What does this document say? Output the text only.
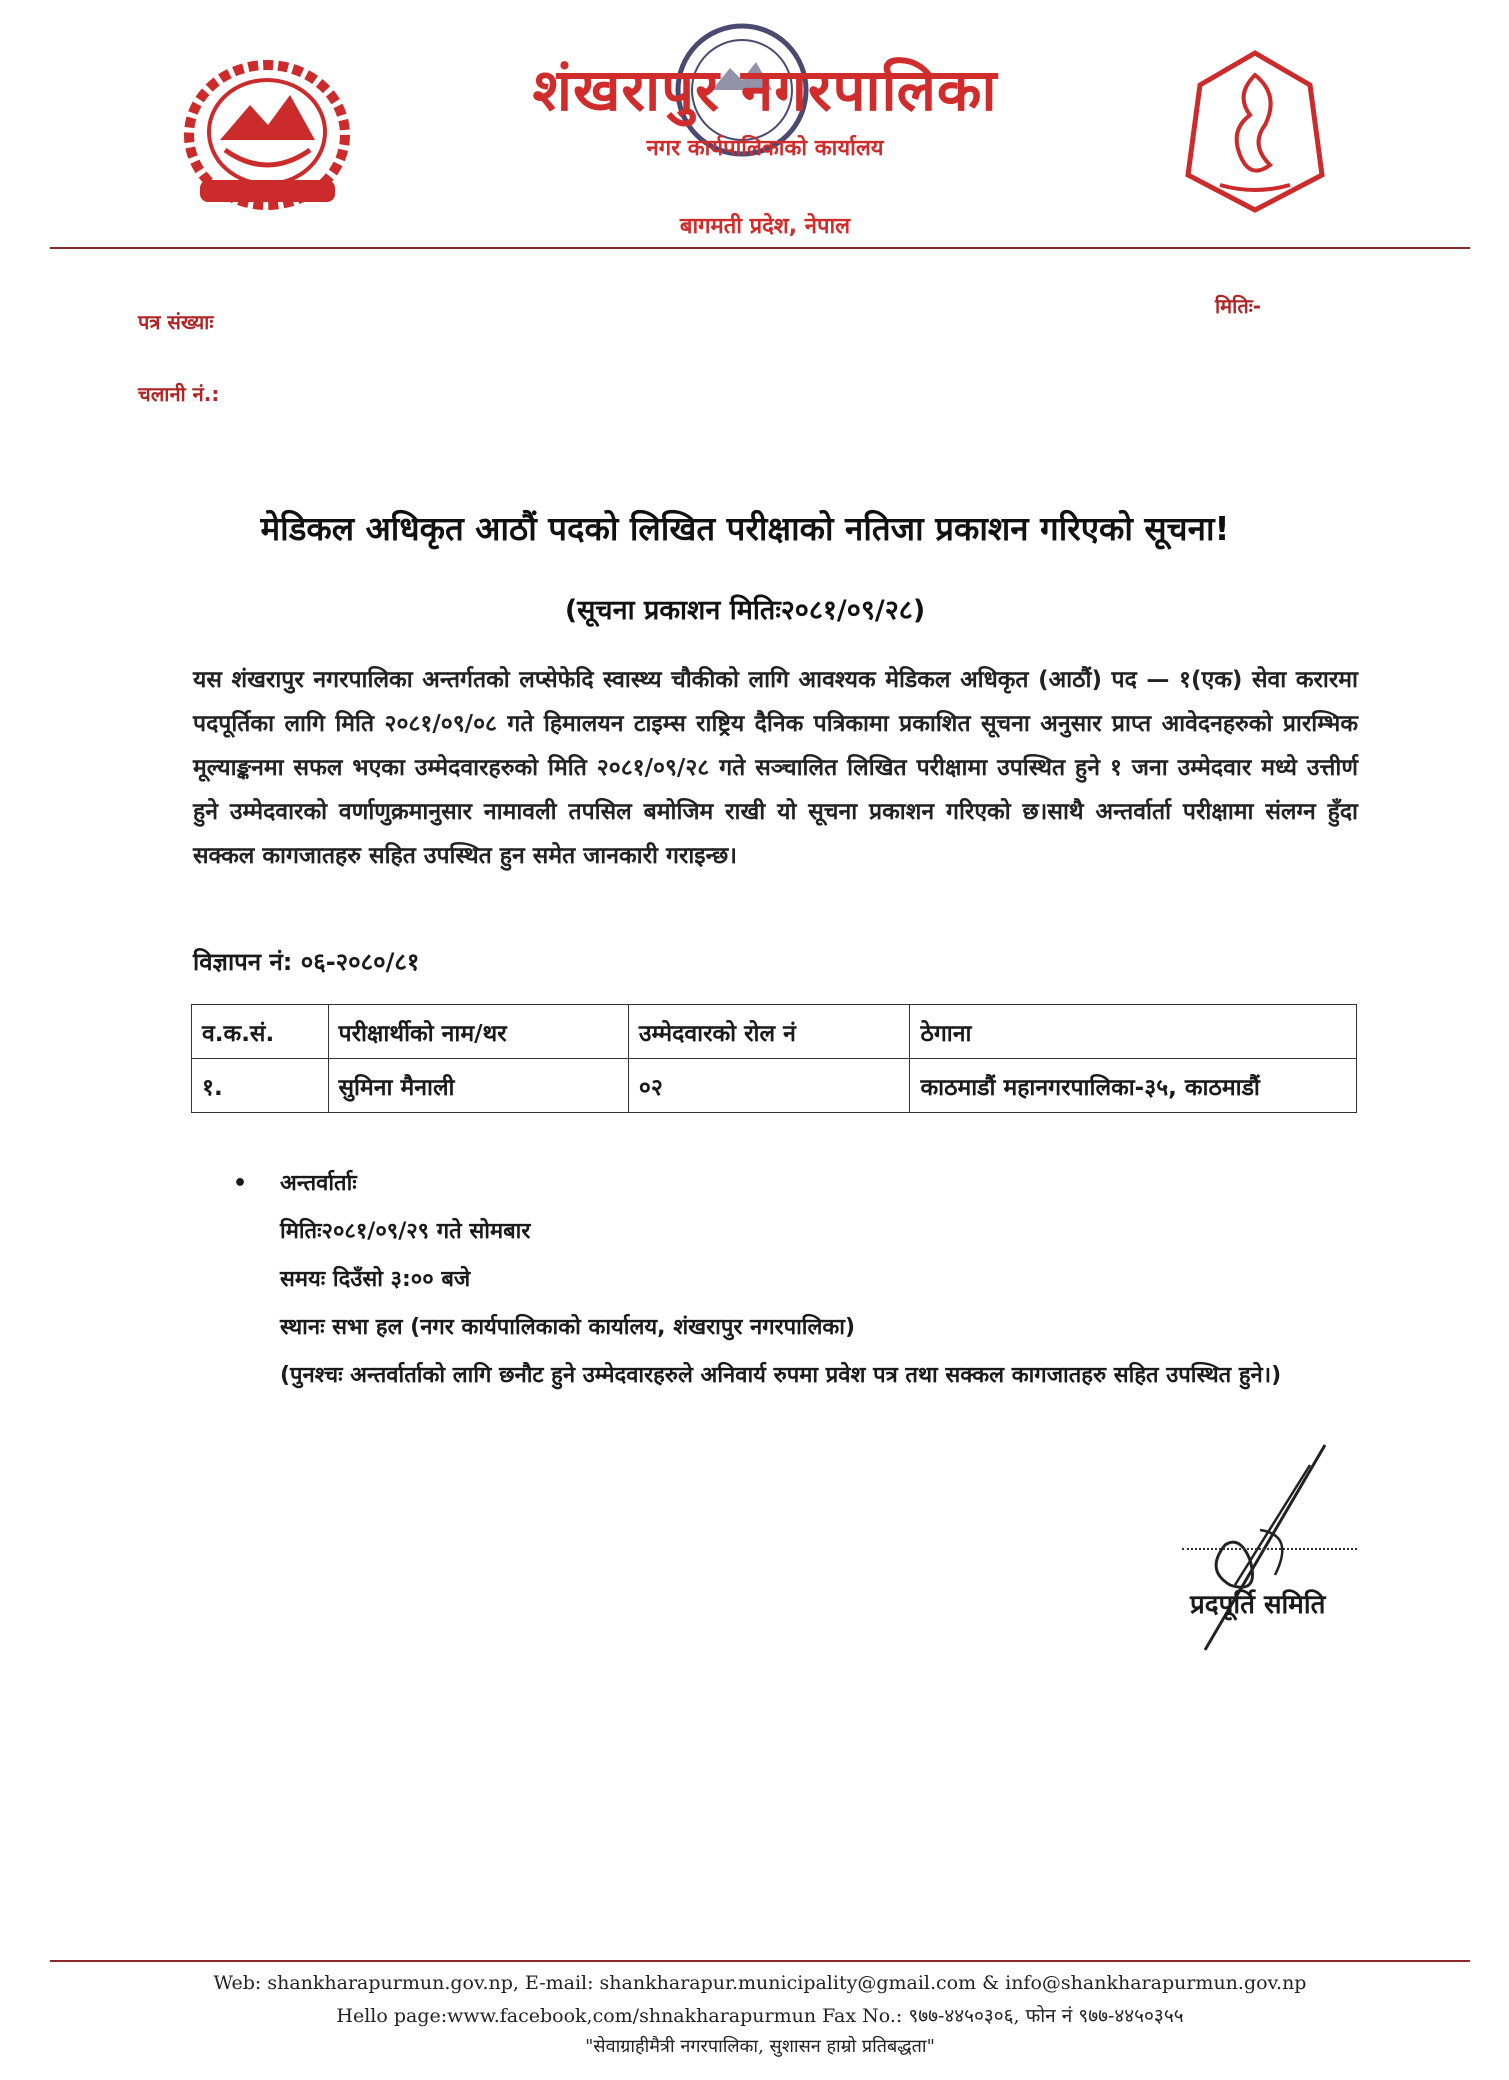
शंखरापुर नगरपालिका
नगर कार्यपालिकाको कार्यालय
बागमती प्रदेश, नेपाल
पत्र संख्याः
चलानी नं.:
मितिः-
मेडिकल अधिकृत आठौं पदको लिखित परीक्षाको नतिजा प्रकाशन गरिएको सूचना!
(सूचना प्रकाशन मितिः२०८१/०९/२८)
यस शंखरापुर नगरपालिका अन्तर्गतको लप्सेफेदि स्वास्थ्य चौकीको लागि आवश्यक मेडिकल अधिकृत (आठौं) पद — १(एक) सेवा करारमा पदपूर्तिका लागि मिति २०८१/०९/०८ गते हिमालयन टाइम्स राष्ट्रिय दैनिक पत्रिकामा प्रकाशित सूचना अनुसार प्राप्त आवेदनहरुको प्रारम्भिक मूल्याङ्कनमा सफल भएका उम्मेदवारहरुको मिति २०८१/०९/२८ गते सञ्चालित लिखित परीक्षामा उपस्थित हुने १ जना उम्मेदवार मध्ये उत्तीर्ण हुने उम्मेदवारको वर्णाणुक्रमानुसार नामावली तपसिल बमोजिम राखी यो सूचना प्रकाशन गरिएको छ।साथै अन्तर्वार्ता परीक्षामा संलग्न हुँदा सक्कल कागजातहरु सहित उपस्थित हुन समेत जानकारी गराइन्छ।
विज्ञापन नं: ०६-२०८०/८१
व.क.सं.	परीक्षार्थीको नाम/थर	उम्मेदवारको रोल नं	ठेगाना
१.	सुमिना मैनाली	०२	काठमाडौं महानगरपालिका-३५, काठमाडौं
• अन्तर्वार्ताः
मितिः२०८१/०९/२९ गते सोमबार
समयः दिउँसो ३:०० बजे
स्थानः सभा हल (नगर कार्यपालिकाको कार्यालय, शंखरापुर नगरपालिका)
(पुनश्चः अन्तर्वार्ताको लागि छनौट हुने उम्मेदवारहरुले अनिवार्य रुपमा प्रवेश पत्र तथा सक्कल कागजातहरु सहित उपस्थित हुने।)
प्रदपूर्ति समिति
Web: shankharapurmun.gov.np, E-mail: shankharapur.municipality@gmail.com & info@shankharapurmun.gov.np
Hello page:www.facebook,com/shnakharapurmun Fax No.: ९७७-४४५०३०६, फोन नं ९७७-४४५०३५५
"सेवाग्राहीमैत्री नगरपालिका, सुशासन हाम्रो प्रतिबद्धता"
